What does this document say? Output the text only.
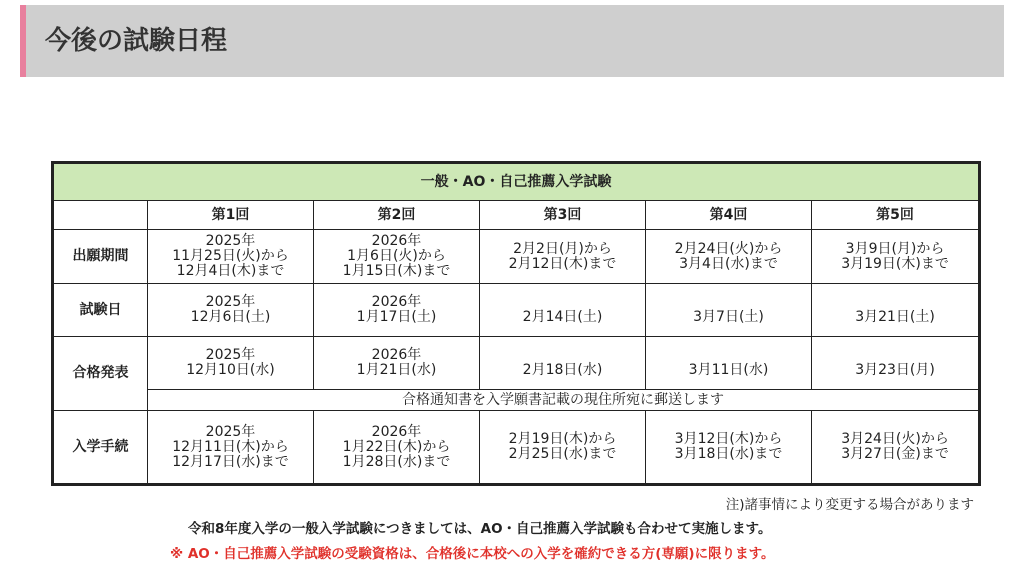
今後の試験日程
一般・AO・自己推薦入学試験					
	第1回	第2回	第3回	第4回	第5回
出願期間	2025年
11月25日(火)から
12月4日(木)まで	2026年
1月6日(火)から
1月15日(木)まで	2月2日(月)から
2月12日(木)まで	2月24日(火)から
3月4日(水)まで	3月9日(月)から
3月19日(木)まで

試験日	2025年
12月6日(土)	2026年
1月17日(土)	2月14日(土)	3月7日(土)	3月21日(土)

合格発表	2025年
12月10日(水)	2026年
1月21日(水)	2月18日(水)	3月11日(水)	3月23日(月)

	合格通知書を入学願書記載の現住所宛に郵送します				
入学手続	2025年
12月11日(木)から
12月17日(水)まで	2026年
1月22日(木)から
1月28日(水)まで	2月19日(木)から
2月25日(水)まで	3月12日(木)から
3月18日(水)まで	3月24日(火)から
3月27日(金)まで
注)諸事情により変更する場合があります
令和8年度入学の一般入学試験につきましては、AO・自己推薦入学試験も合わせて実施します。
※ AO・自己推薦入学試験の受験資格は、合格後に本校への入学を確約できる方(専願)に限ります。
